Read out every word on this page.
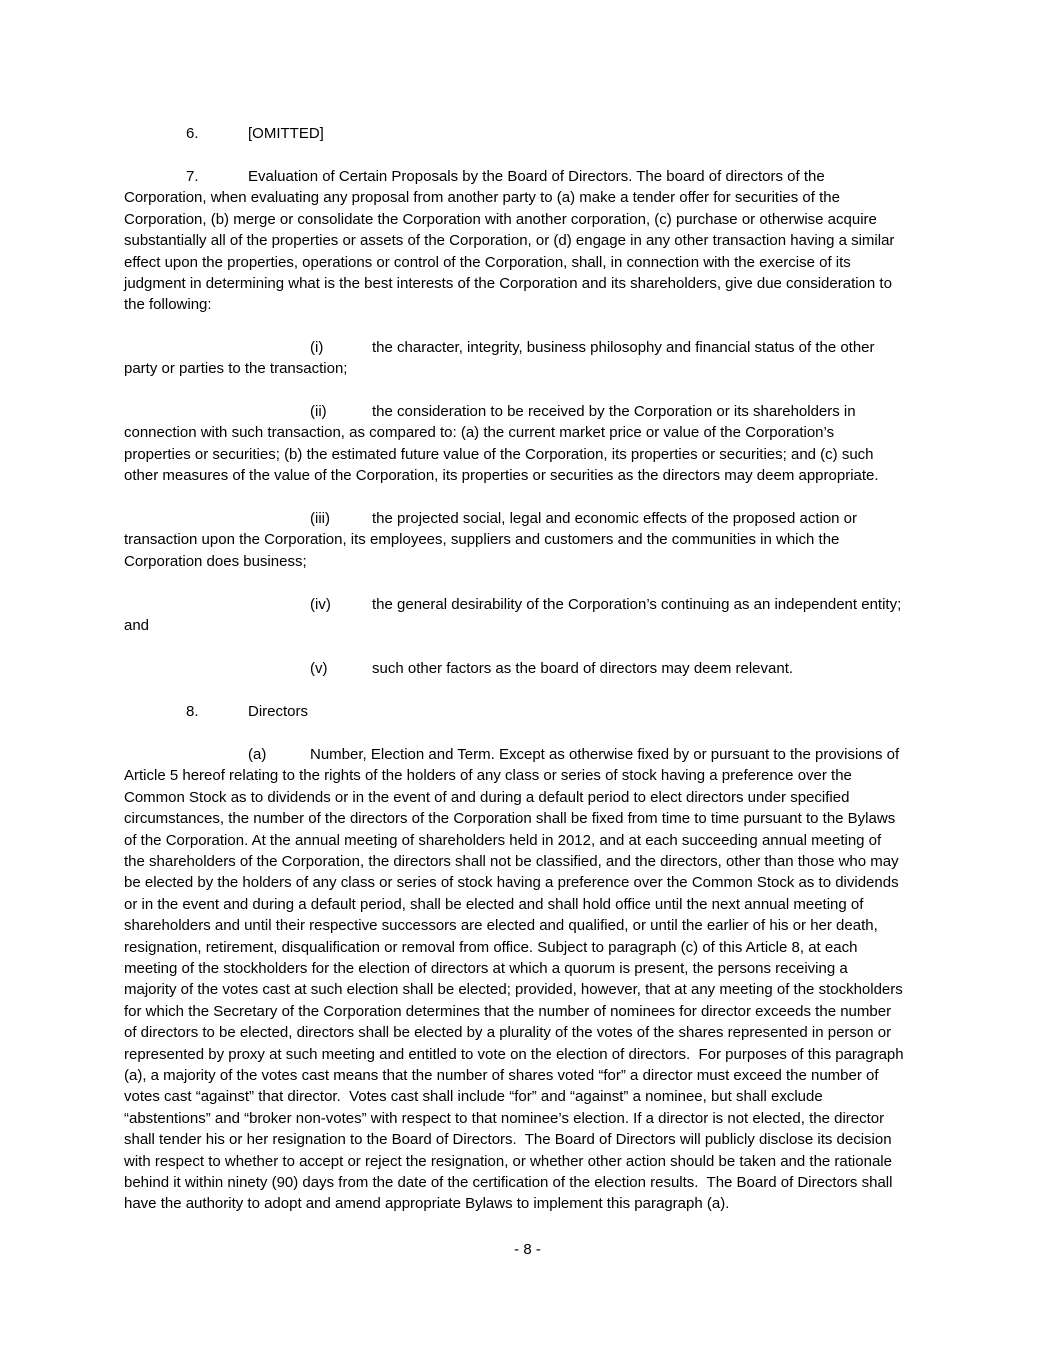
6.	[OMITTED]
7.	Evaluation of Certain Proposals by the Board of Directors. The board of directors of the

Corporation, when evaluating any proposal from another party to (a) make a tender offer for securities of the

Corporation, (b) merge or consolidate the Corporation with another corporation, (c) purchase or otherwise acquire

substantially all of the properties or assets of the Corporation, or (d) engage in any other transaction having a similar

effect upon the properties, operations or control of the Corporation, shall, in connection with the exercise of its

judgment in determining what is the best interests of the Corporation and its shareholders, give due consideration to

the following:

(i)	the character, integrity, business philosophy and financial status of the other

party or parties to the transaction;

(ii)	the consideration to be received by the Corporation or its shareholders in

connection with such transaction, as compared to: (a) the current market price or value of the Corporation’s

properties or securities; (b) the estimated future value of the Corporation, its properties or securities; and (c) such

other measures of the value of the Corporation, its properties or securities as the directors may deem appropriate.

(iii)	the projected social, legal and economic effects of the proposed action or

transaction upon the Corporation, its employees, suppliers and customers and the communities in which the

Corporation does business;

(iv)	the general desirability of the Corporation’s continuing as an independent entity;

and

(v)	such other factors as the board of directors may deem relevant.

8.	Directors
(a)	Number, Election and Term. Except as otherwise fixed by or pursuant to the provisions of

Article 5 hereof relating to the rights of the holders of any class or series of stock having a preference over the

Common Stock as to dividends or in the event of and during a default period to elect directors under specified

circumstances, the number of the directors of the Corporation shall be fixed from time to time pursuant to the Bylaws

of the Corporation. At the annual meeting of shareholders held in 2012, and at each succeeding annual meeting of

the shareholders of the Corporation, the directors shall not be classified, and the directors, other than those who may

be elected by the holders of any class or series of stock having a preference over the Common Stock as to dividends

or in the event and during a default period, shall be elected and shall hold office until the next annual meeting of

shareholders and until their respective successors are elected and qualified, or until the earlier of his or her death,

resignation, retirement, disqualification or removal from office. Subject to paragraph (c) of this Article 8, at each

meeting of the stockholders for the election of directors at which a quorum is present, the persons receiving a

majority of the votes cast at such election shall be elected; provided, however, that at any meeting of the stockholders

for which the Secretary of the Corporation determines that the number of nominees for director exceeds the number

of directors to be elected, directors shall be elected by a plurality of the votes of the shares represented in person or

represented by proxy at such meeting and entitled to vote on the election of directors.  For purposes of this paragraph

(a), a majority of the votes cast means that the number of shares voted “for” a director must exceed the number of

votes cast “against” that director.  Votes cast shall include “for” and “against” a nominee, but shall exclude

“abstentions” and “broker non-votes” with respect to that nominee’s election. If a director is not elected, the director

shall tender his or her resignation to the Board of Directors.  The Board of Directors will publicly disclose its decision

with respect to whether to accept or reject the resignation, or whether other action should be taken and the rationale

behind it within ninety (90) days from the date of the certification of the election results.  The Board of Directors shall

have the authority to adopt and amend appropriate Bylaws to implement this paragraph (a).

- 8 -
